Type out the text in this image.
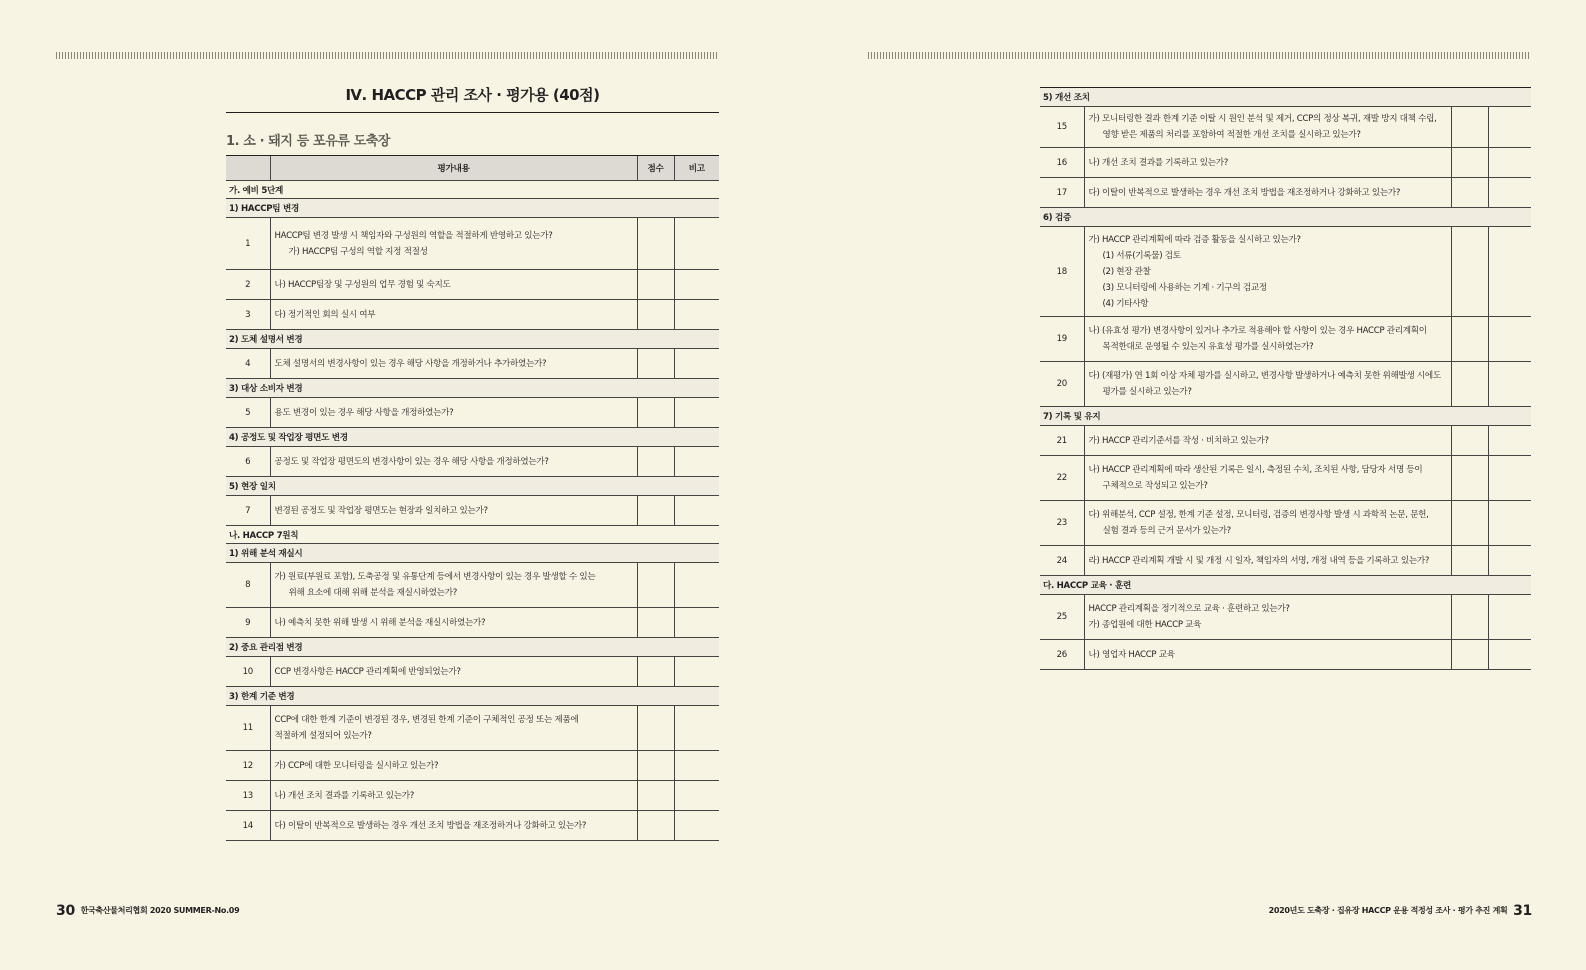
Ⅳ. HACCP 관리 조사 · 평가용 (40점)
1. 소 · 돼지 등 포유류 도축장
	평가내용	점수	비고
가. 예비 5단계			
1) HACCP팀 변경			
1	HACCP팀 변경 발생 시 책임자와 구성원의 역할을 적절하게 반영하고 있는가?
가) HACCP팀 구성의 역할 지정 적절성		

2	나) HACCP팀장 및 구성원의 업무 경험 및 숙지도		

3	다) 정기적인 회의 실시 여부		

2) 도체 설명서 변경			
4	도체 설명서의 변경사항이 있는 경우 해당 사항을 개정하거나 추가하였는가?		

3) 대상 소비자 변경			
5	용도 변경이 있는 경우 해당 사항을 개정하였는가?		

4) 공정도 및 작업장 평면도 변경			
6	공정도 및 작업장 평면도의 변경사항이 있는 경우 해당 사항을 개정하였는가?		

5) 현장 일치			
7	변경된 공정도 및 작업장 평면도는 현장과 일치하고 있는가?		

나. HACCP 7원칙			
1) 위해 분석 재실시			
8	가) 원료(부원료 포함), 도축공정 및 유통단계 등에서 변경사항이 있는 경우 발생할 수 있는
위해 요소에 대해 위해 분석을 재실시하였는가?		

9	나) 예측치 못한 위해 발생 시 위해 분석을 재실시하였는가?		

2) 중요 관리점 변경			
10	CCP 변경사항은 HACCP 관리계획에 반영되었는가?		

3) 한계 기준 변경			
11	CCP에 대한 한계 기준이 변경된 경우, 변경된 한계 기준이 구체적인 공정 또는 제품에
적절하게 설정되어 있는가?		

12	가) CCP에 대한 모니터링을 실시하고 있는가?		

13	나) 개선 조치 결과를 기록하고 있는가?		

14	다) 이탈이 반복적으로 발생하는 경우 개선 조치 방법을 재조정하거나 강화하고 있는가?		

5) 개선 조치			
15	가) 모니터링한 결과 한계 기준 이탈 시 원인 분석 및 제거, CCP의 정상 복귀, 재발 방지 대책 수립,
영향 받은 제품의 처리를 포함하여 적절한 개선 조치를 실시하고 있는가?		

16	나) 개선 조치 결과를 기록하고 있는가?		

17	다) 이탈이 반복적으로 발생하는 경우 개선 조치 방법을 재조정하거나 강화하고 있는가?		

6) 검증			
18	가) HACCP 관리계획에 따라 검증 활동을 실시하고 있는가?
(1) 서류(기록물) 검토
(2) 현장 관찰
(3) 모니터링에 사용하는 기계 · 기구의 검교정
(4) 기타사항		

19	나) (유효성 평가) 변경사항이 있거나 추가로 적용해야 할 사항이 있는 경우 HACCP 관리계획이
목적한대로 운영될 수 있는지 유효성 평가를 실시하였는가?		

20	다) (재평가) 연 1회 이상 자체 평가를 실시하고, 변경사항 발생하거나 예측치 못한 위해발생 시에도
평가를 실시하고 있는가?		

7) 기록 및 유지			
21	가) HACCP 관리기준서를 작성 · 비치하고 있는가?		

22	나) HACCP 관리계획에 따라 생산된 기록은 일시, 측정된 수치, 조치된 사항, 담당자 서명 등이
구체적으로 작성되고 있는가?		

23	다) 위해분석, CCP 설정, 한계 기준 설정, 모니터링, 검증의 변경사항 발생 시 과학적 논문, 문헌,
실험 결과 등의 근거 문서가 있는가?		

24	라) HACCP 관리계획 개발 시 및 개정 시 일자, 책임자의 서명, 개정 내역 등을 기록하고 있는가?		

다. HACCP 교육 · 훈련			
25	HACCP 관리계획을 정기적으로 교육 · 훈련하고 있는가?
가) 종업원에 대한 HACCP 교육		

26	나) 영업자 HACCP 교육		

30 한국축산물처리협회 2020 SUMMER-No.09	2020년도 도축장 · 집유장 HACCP 운용 적정성 조사 · 평가 추진 계획 31
